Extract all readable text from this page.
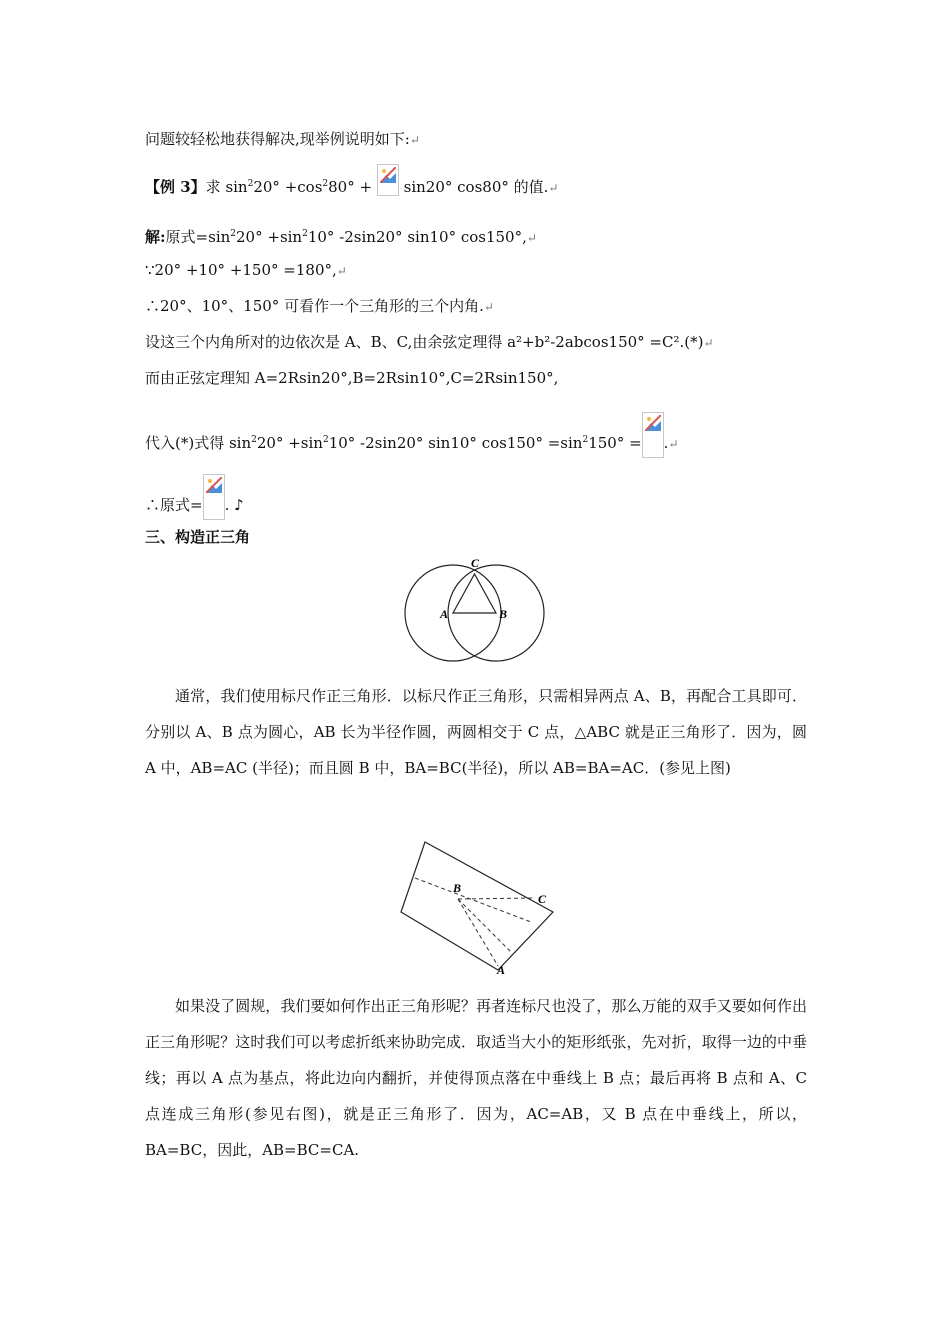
问题较轻松地获得解决,现举例说明如下:↵
【例 3】求 $\sin^220^\circ +\cos^280^\circ + \sin 20^\circ$ cos80° 的值.↵
解:原式$=\sin^220^\circ +\sin^210^\circ$ -2sin20° sin10° cos150°,↵
∵20° +10° +150° =180°,↵
∴20°、10°、150° 可看作一个三角形的三个内角.↵
设这三个内角所对的边依次是 A、B、C,由余弦定理得 a²+b²-2abcos150° =C².(*)↵
而由正弦定理知 A=2Rsin20°,B=2Rsin10°,C=2Rsin150°,
代入(*)式得 $\sin^220^\circ +\sin^210^\circ$ -2sin20° sin10° $\cos 150^\circ =\sin^2150^\circ$ = .↵
∴原式= . ♪
三、构造正三角
A	B
C
通常，我们使用标尺作正三角形．以标尺作正三角形，只需相异两点 A、B，再配合工具即可．分别以 A、B 点为圆心，AB 长为半径作圆，两圆相交于 C 点，△ABC 就是正三角形了．因为，圆 A 中，AB=AC (半径)；而且圆 B 中，BA=BC(半径)，所以 AB=BA=AC．(参见上图)
B
C
A
如果没了圆规，我们要如何作出正三角形呢？再者连标尺也没了，那么万能的双手又要如何作出正三角形呢？这时我们可以考虑折纸来协助完成．取适当大小的矩形纸张，先对折，取得一边的中垂线；再以 A 点为基点，将此边向内翻折，并使得顶点落在中垂线上 B 点；最后再将 B 点和 A、C 点连成三角形(参见右图)，就是正三角形了．因为，AC=AB，又 B 点在中垂线上，所以，BA=BC，因此，AB=BC=CA.
